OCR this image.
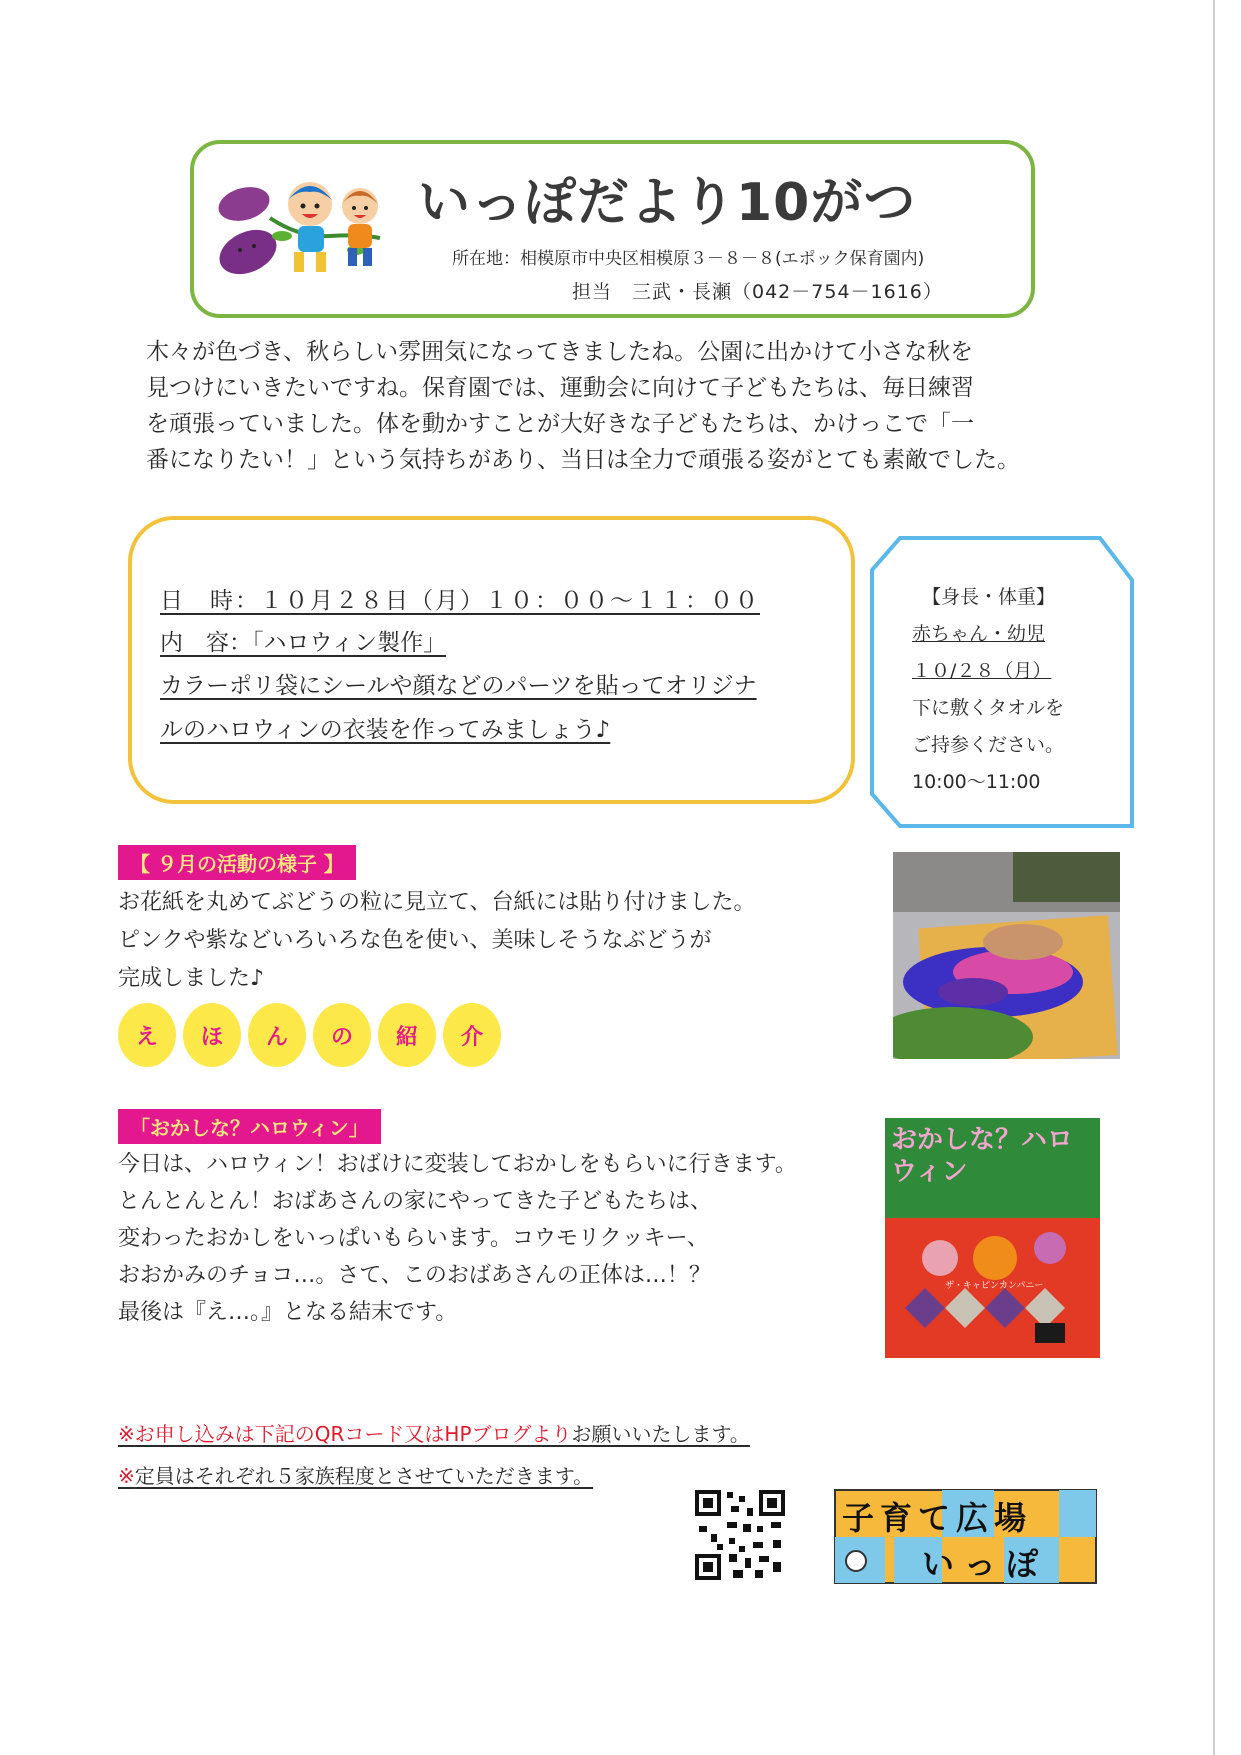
いっぽだより10がつ
所在地：相模原市中央区相模原３－８－８(エポック保育園内)
担当　三武・長瀬（042－754－1616）

木々が色づき、秋らしい雰囲気になってきましたね。公園に出かけて小さな秋を

見つけにいきたいですね。保育園では、運動会に向けて子どもたちは、毎日練習

を頑張っていました。体を動かすことが大好きな子どもたちは、かけっこで「一

番になりたい！」という気持ちがあり、当日は全力で頑張る姿がとても素敵でした。

日　時：１０月２８日（月）１０：００～１１：００
内　容：「ハロウィン製作」
カラーポリ袋にシールや顔などのパーツを貼ってオリジナ
ルのハロウィンの衣装を作ってみましょう♪
【身長・体重】
赤ちゃん・幼児
１０/２８（月）
下に敷くタオルを
ご持参ください。
10:00～11:00
【 ９月の活動の様子 】

お花紙を丸めてぶどうの粒に見立て、台紙には貼り付けました。

ピンクや紫などいろいろな色を使い、美味しそうなぶどうが

完成しました♪

え	ほ	ん	の	紹	介
「おかしな？ハロウィン」

今日は、ハロウィン！おばけに変装しておかしをもらいに行きます。

とんとんとん！おばあさんの家にやってきた子どもたちは、

変わったおかしをいっぱいもらいます。コウモリクッキー、

おおかみのチョコ…。さて、このおばあさんの正体は…！？

最後は『え…。』となる結末です。

おかしな？ハロウィン
ザ・キャピンカンパニー
※お申し込みは下記のQRコード又はHPブログよりお願いいたします。
※定員はそれぞれ５家族程度とさせていただきます。
子育て広場
いっぽ
